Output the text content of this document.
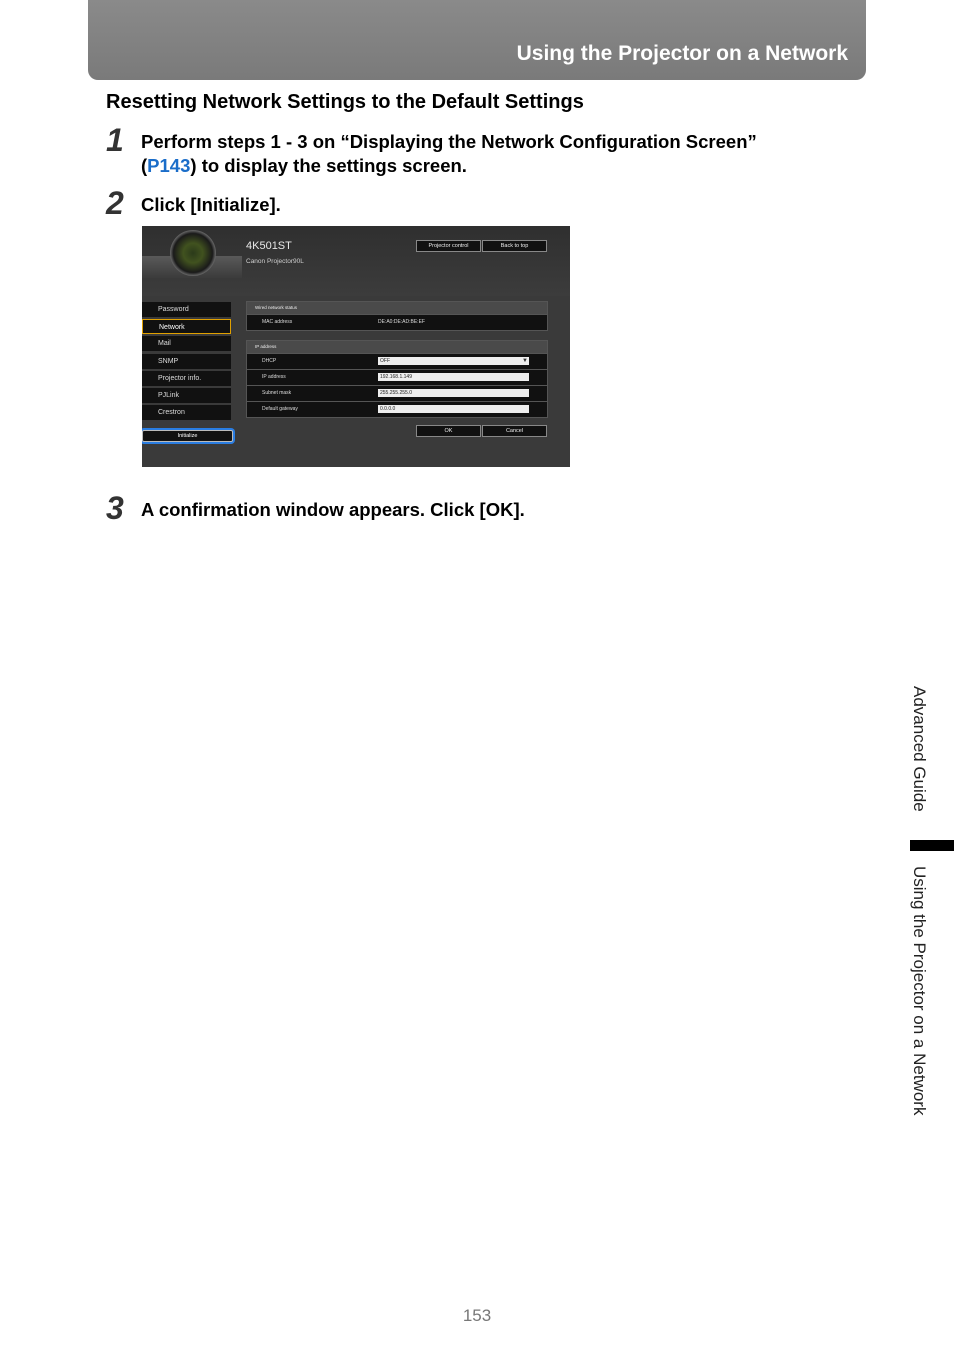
Using the Projector on a Network
Resetting Network Settings to the Default Settings
1 Perform steps 1 - 3 on “Displaying the Network Configuration Screen”
(P143) to display the settings screen.
2 Click [Initialize].
4K501ST
Canon Projector90L
Projector control	Back to top
Password
Network
Mail
SNMP
Projector info.
PJLink
Crestron
Initialize
Wired network status
MAC address	DE:A0:DE:AD:BE:EF
IP address
DHCP	OFF	▼
IP address	192.168.1.149
Subnet mask	255.255.255.0
Default gateway	0.0.0.0
OK	Cancel
3 A confirmation window appears. Click [OK].
Advanced Guide
Using the Projector on a Network
153
